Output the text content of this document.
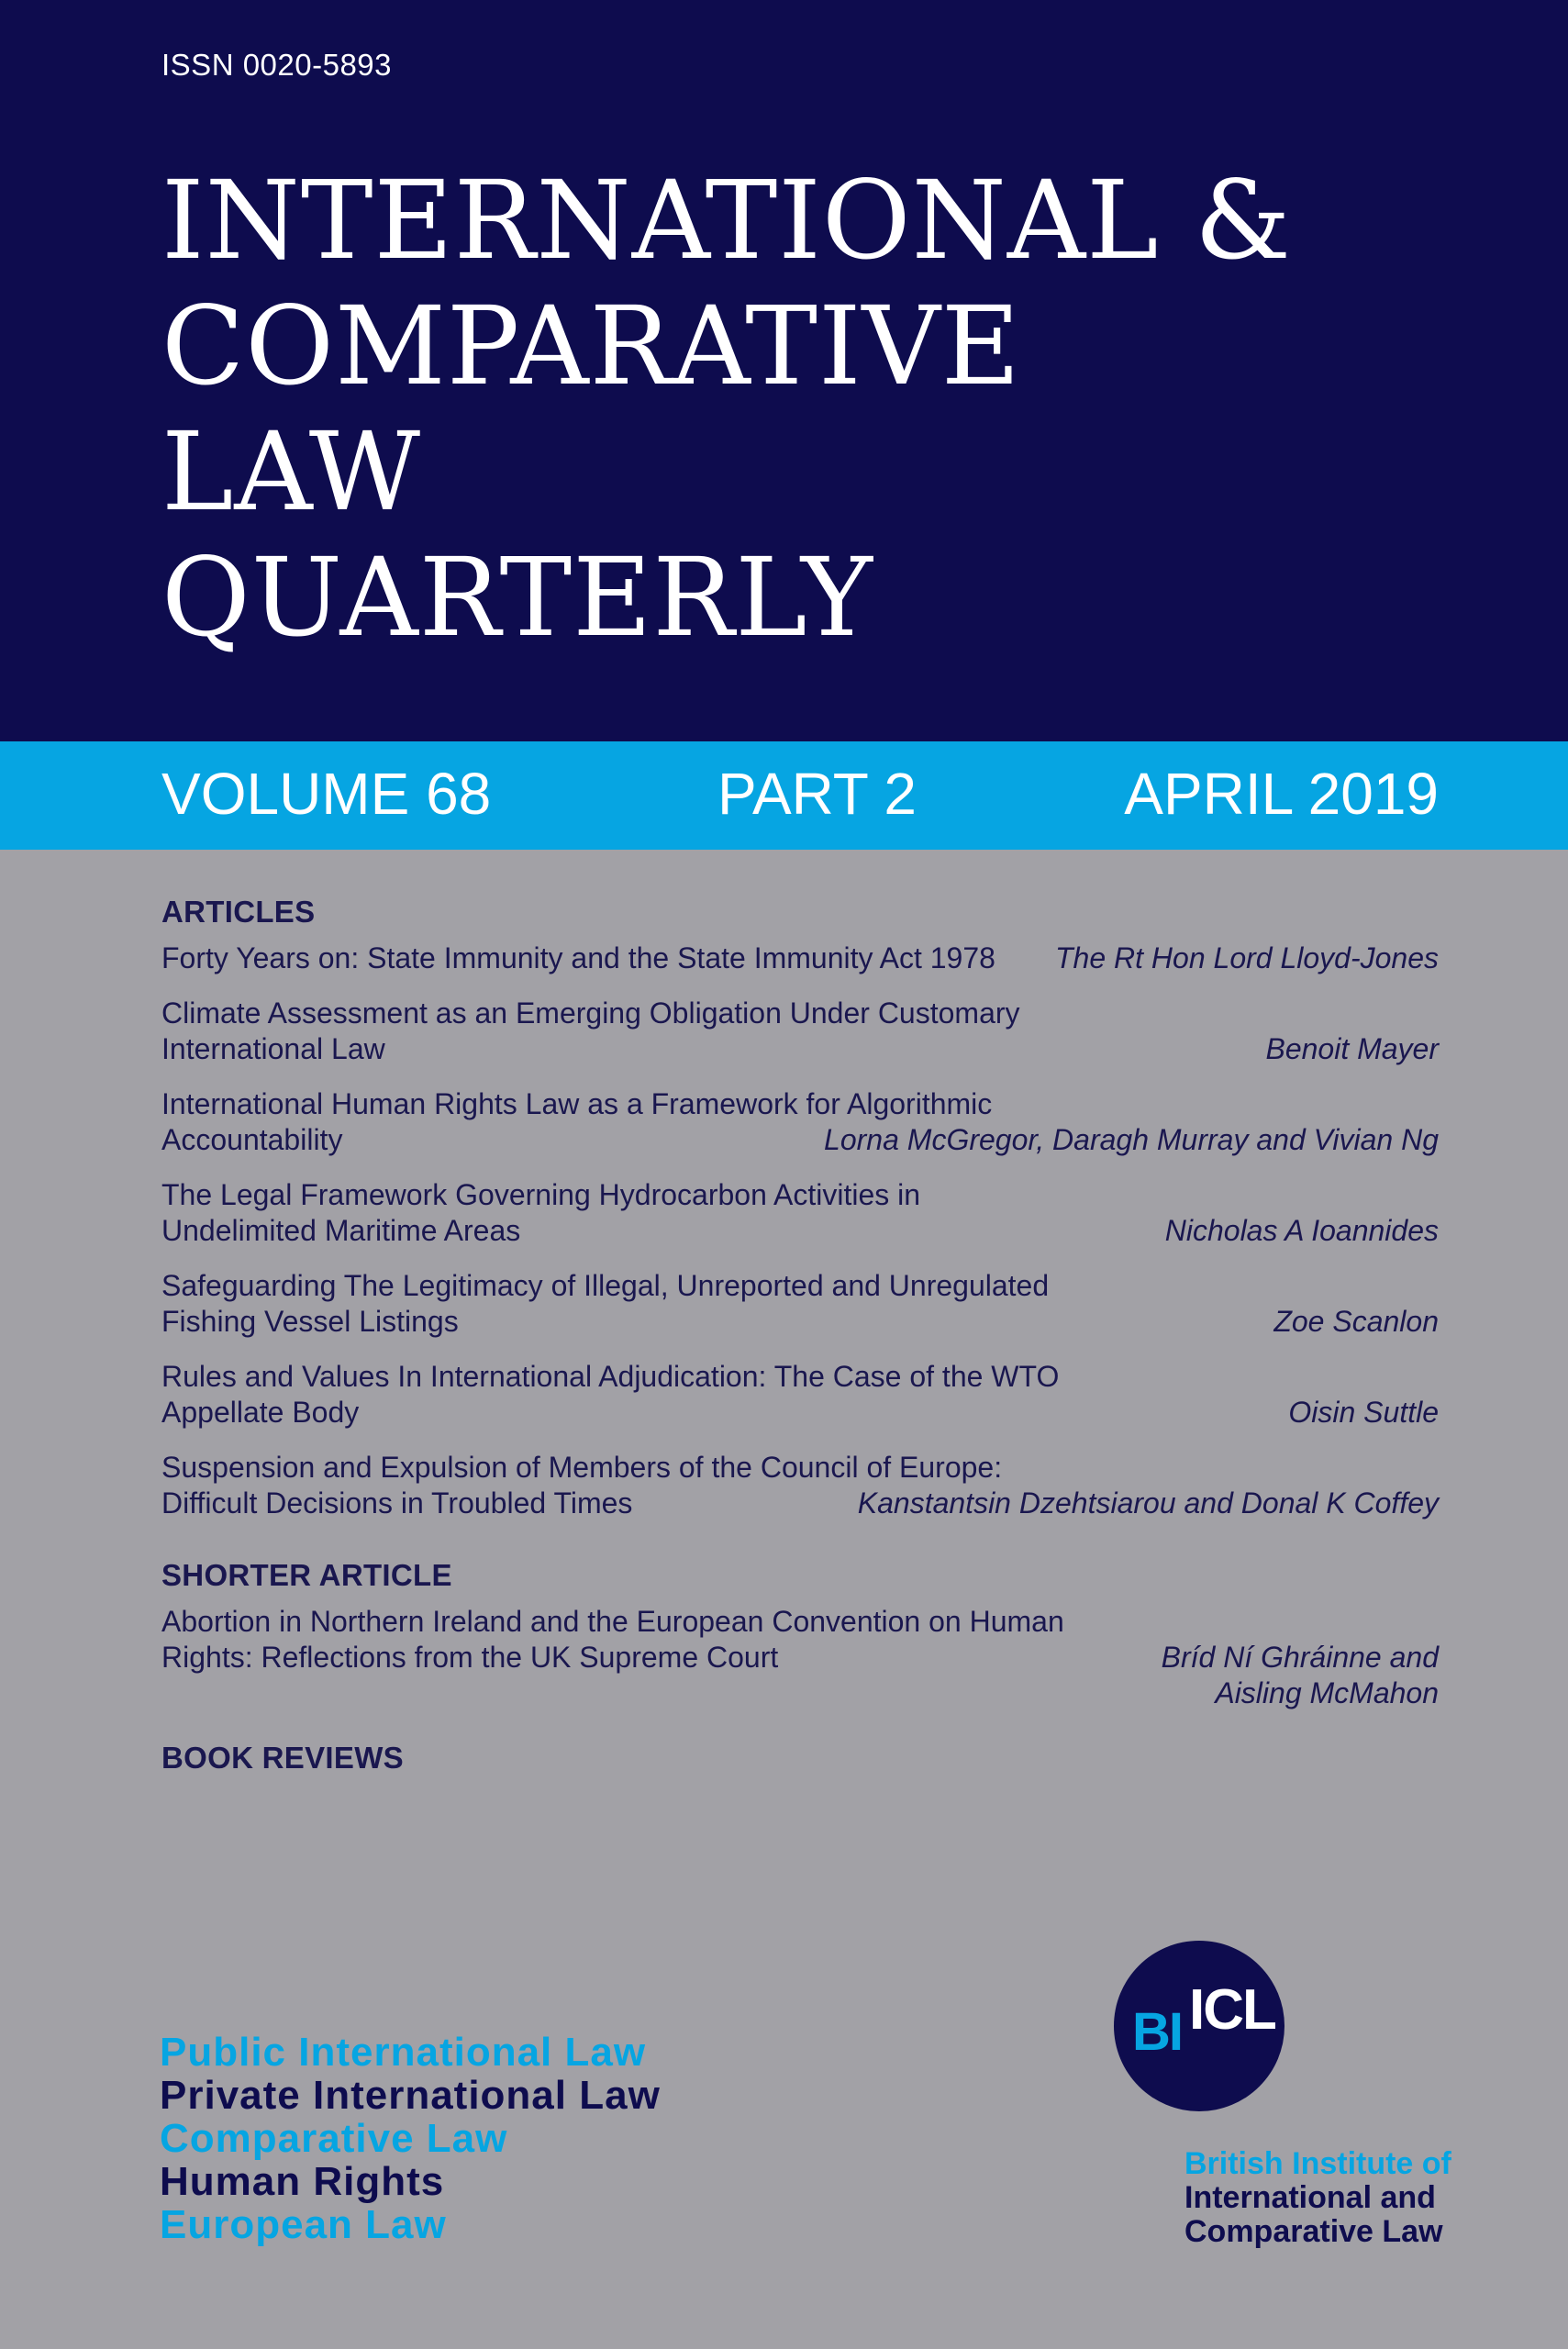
ISSN 0020-5893
INTERNATIONAL &
COMPARATIVE
LAW
QUARTERLY
VOLUME 68	PART 2	APRIL 2019
ARTICLES
Forty Years on: State Immunity and the State Immunity Act 1978	The Rt Hon Lord Lloyd-Jones
Climate Assessment as an Emerging Obligation Under Customary International Law	Benoit Mayer
International Human Rights Law as a Framework for Algorithmic Accountability	Lorna McGregor, Daragh Murray and Vivian Ng
The Legal Framework Governing Hydrocarbon Activities in Undelimited Maritime Areas	Nicholas A Ioannides
Safeguarding The Legitimacy of Illegal, Unreported and Unregulated Fishing Vessel Listings	Zoe Scanlon
Rules and Values In International Adjudication: The Case of the WTO Appellate Body	Oisin Suttle
Suspension and Expulsion of Members of the Council of Europe: Difficult Decisions in Troubled Times	Kanstantsin Dzehtsiarou and Donal K Coffey
SHORTER ARTICLE
Abortion in Northern Ireland and the European Convention on Human Rights: Reflections from the UK Supreme Court	Bríd Ní Ghráinne and
Aisling McMahon
BOOK REVIEWS
Public International Law
Private International Law
Comparative Law
Human Rights
European Law
BI ICL
British Institute of
International and
Comparative Law
